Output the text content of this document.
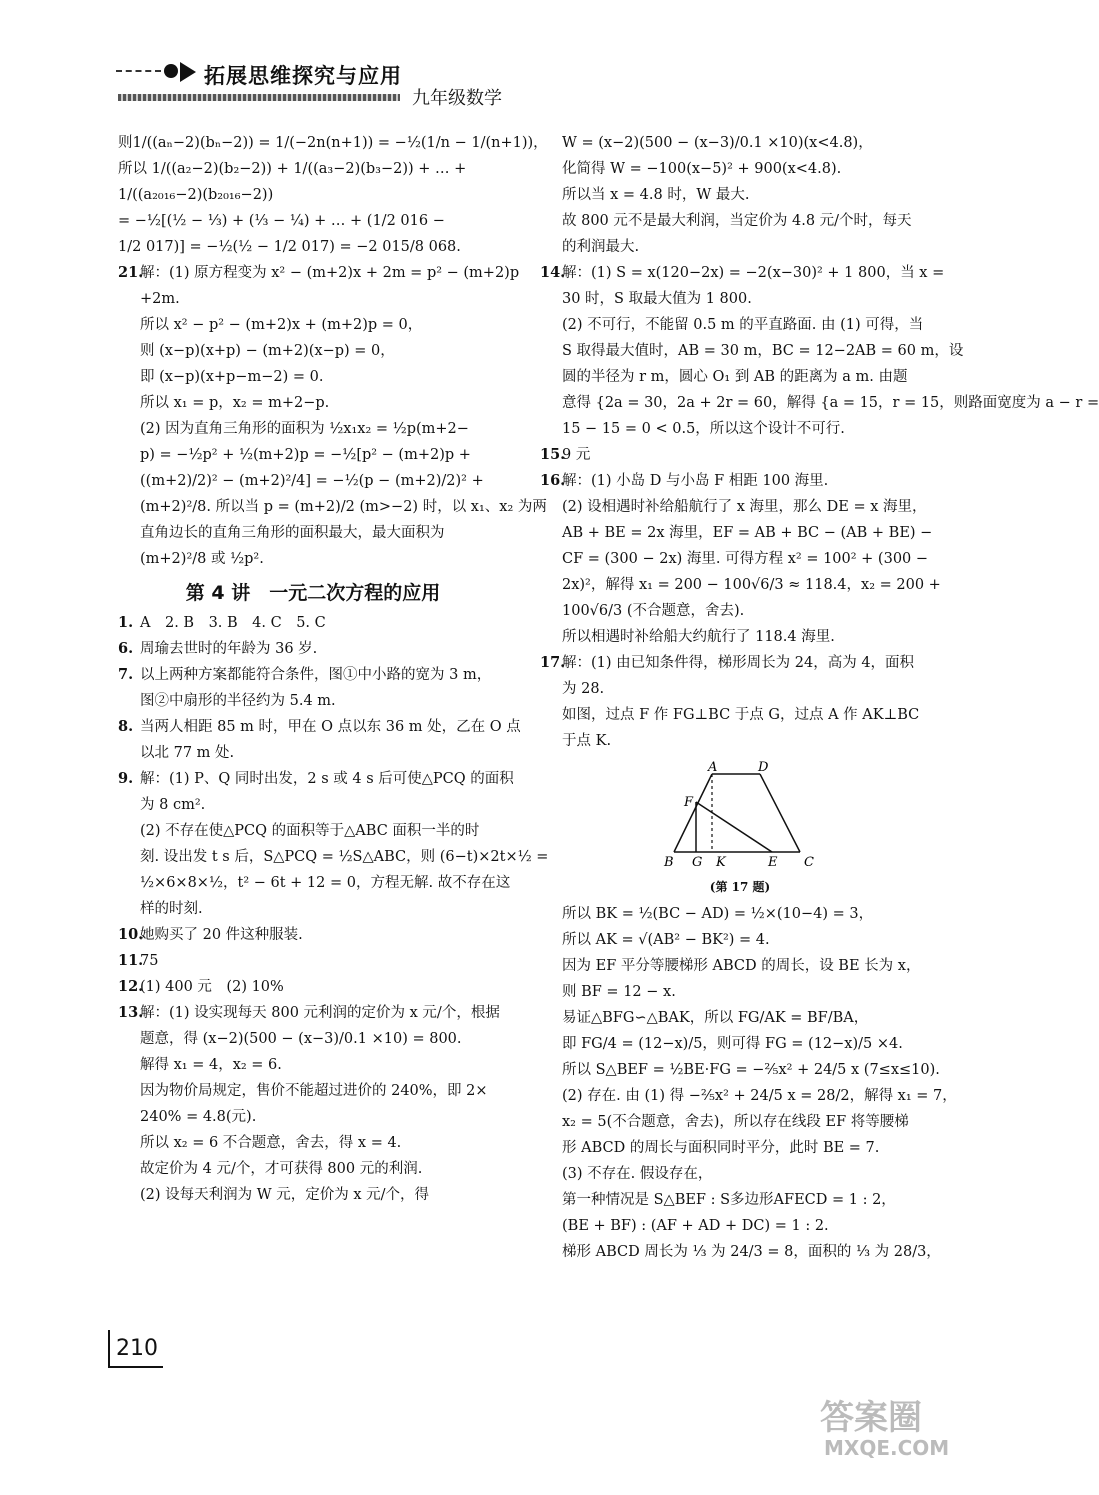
拓展思维探究与应用
九年级数学

则1/((aₙ−2)(bₙ−2)) = 1/(−2n(n+1)) = −½(1/n − 1/(n+1))，

所以 1/((a₂−2)(b₂−2)) + 1/((a₃−2)(b₃−2)) + … +

1/((a₂₀₁₆−2)(b₂₀₁₆−2))

= −½[(½ − ⅓) + (⅓ − ¼) + … + (1/2 016 −

1/2 017)] = −½(½ − 1/2 017) = −2 015/8 068.

21.解：(1) 原方程变为 x² − (m+2)x + 2m = p² − (m+2)p

+2m.

所以 x² − p² − (m+2)x + (m+2)p = 0，

则 (x−p)(x+p) − (m+2)(x−p) = 0，

即 (x−p)(x+p−m−2) = 0.

所以 x₁ = p，x₂ = m+2−p.

(2) 因为直角三角形的面积为 ½x₁x₂ = ½p(m+2−

p) = −½p² + ½(m+2)p = −½[p² − (m+2)p +

((m+2)/2)² − (m+2)²/4] = −½(p − (m+2)/2)² +

(m+2)²/8. 所以当 p = (m+2)/2 (m>−2) 时，以 x₁、x₂ 为两

直角边长的直角三角形的面积最大，最大面积为

(m+2)²/8 或 ½p².

第 4 讲　一元二次方程的应用

1. A　2. B　3. B　4. C　5. C

6. 周瑜去世时的年龄为 36 岁.

7. 以上两种方案都能符合条件，图①中小路的宽为 3 m，

图②中扇形的半径约为 5.4 m.

8. 当两人相距 85 m 时，甲在 O 点以东 36 m 处，乙在 O 点

以北 77 m 处.

9. 解：(1) P、Q 同时出发，2 s 或 4 s 后可使△PCQ 的面积

为 8 cm².

(2) 不存在使△PCQ 的面积等于△ABC 面积一半的时

刻. 设出发 t s 后，S△PCQ = ½S△ABC，则 (6−t)×2t×½ =

½×6×8×½，t² − 6t + 12 = 0，方程无解. 故不存在这

样的时刻.

10.她购买了 20 件这种服装.

11.75

12.(1) 400 元　(2) 10%

13.解：(1) 设实现每天 800 元利润的定价为 x 元/个，根据

题意，得 (x−2)(500 − (x−3)/0.1 ×10) = 800.

解得 x₁ = 4，x₂ = 6.

因为物价局规定，售价不能超过进价的 240%，即 2×

240% = 4.8(元).

所以 x₂ = 6 不合题意，舍去，得 x = 4.

故定价为 4 元/个，才可获得 800 元的利润.

(2) 设每天利润为 W 元，定价为 x 元/个，得

W = (x−2)(500 − (x−3)/0.1 ×10)(x<4.8)，

化简得 W = −100(x−5)² + 900(x<4.8).

所以当 x = 4.8 时，W 最大.

故 800 元不是最大利润，当定价为 4.8 元/个时，每天

的利润最大.

14.解：(1) S = x(120−2x) = −2(x−30)² + 1 800，当 x =

30 时，S 取最大值为 1 800.

(2) 不可行，不能留 0.5 m 的平直路面. 由 (1) 可得，当

S 取得最大值时，AB = 30 m，BC = 12−2AB = 60 m，设

圆的半径为 r m，圆心 O₁ 到 AB 的距离为 a m. 由题

意得 {2a = 30，2a + 2r = 60，解得 {a = 15，r = 15，则路面宽度为 a − r =

15 − 15 = 0 < 0.5，所以这个设计不可行.

15.9 元

16.解：(1) 小岛 D 与小岛 F 相距 100 海里.

(2) 设相遇时补给船航行了 x 海里，那么 DE = x 海里，

AB + BE = 2x 海里，EF = AB + BC − (AB + BE) −

CF = (300 − 2x) 海里. 可得方程 x² = 100² + (300 −

2x)²，解得 x₁ = 200 − 100√6/3 ≈ 118.4，x₂ = 200 +

100√6/3 (不合题意，舍去).

所以相遇时补给船大约航行了 118.4 海里.

17.解：(1) 由已知条件得，梯形周长为 24，高为 4，面积

为 28.

如图，过点 F 作 FG⊥BC 于点 G，过点 A 作 AK⊥BC

于点 K.

A	D
B	C
F
G K	E
(第 17 题)

所以 BK = ½(BC − AD) = ½×(10−4) = 3，

所以 AK = √(AB² − BK²) = 4.

因为 EF 平分等腰梯形 ABCD 的周长，设 BE 长为 x，

则 BF = 12 − x.

易证△BFG∽△BAK，所以 FG/AK = BF/BA，

即 FG/4 = (12−x)/5，则可得 FG = (12−x)/5 ×4.

所以 S△BEF = ½BE·FG = −⅖x² + 24/5 x (7≤x≤10).

(2) 存在. 由 (1) 得 −⅖x² + 24/5 x = 28/2，解得 x₁ = 7，

x₂ = 5(不合题意，舍去)，所以存在线段 EF 将等腰梯

形 ABCD 的周长与面积同时平分，此时 BE = 7.

(3) 不存在. 假设存在，

第一种情况是 S△BEF : S多边形AFECD = 1 : 2，

(BE + BF) : (AF + AD + DC) = 1 : 2.

梯形 ABCD 周长为 ⅓ 为 24/3 = 8，面积的 ⅓ 为 28/3，

210
答案圈
MXQE.COM
